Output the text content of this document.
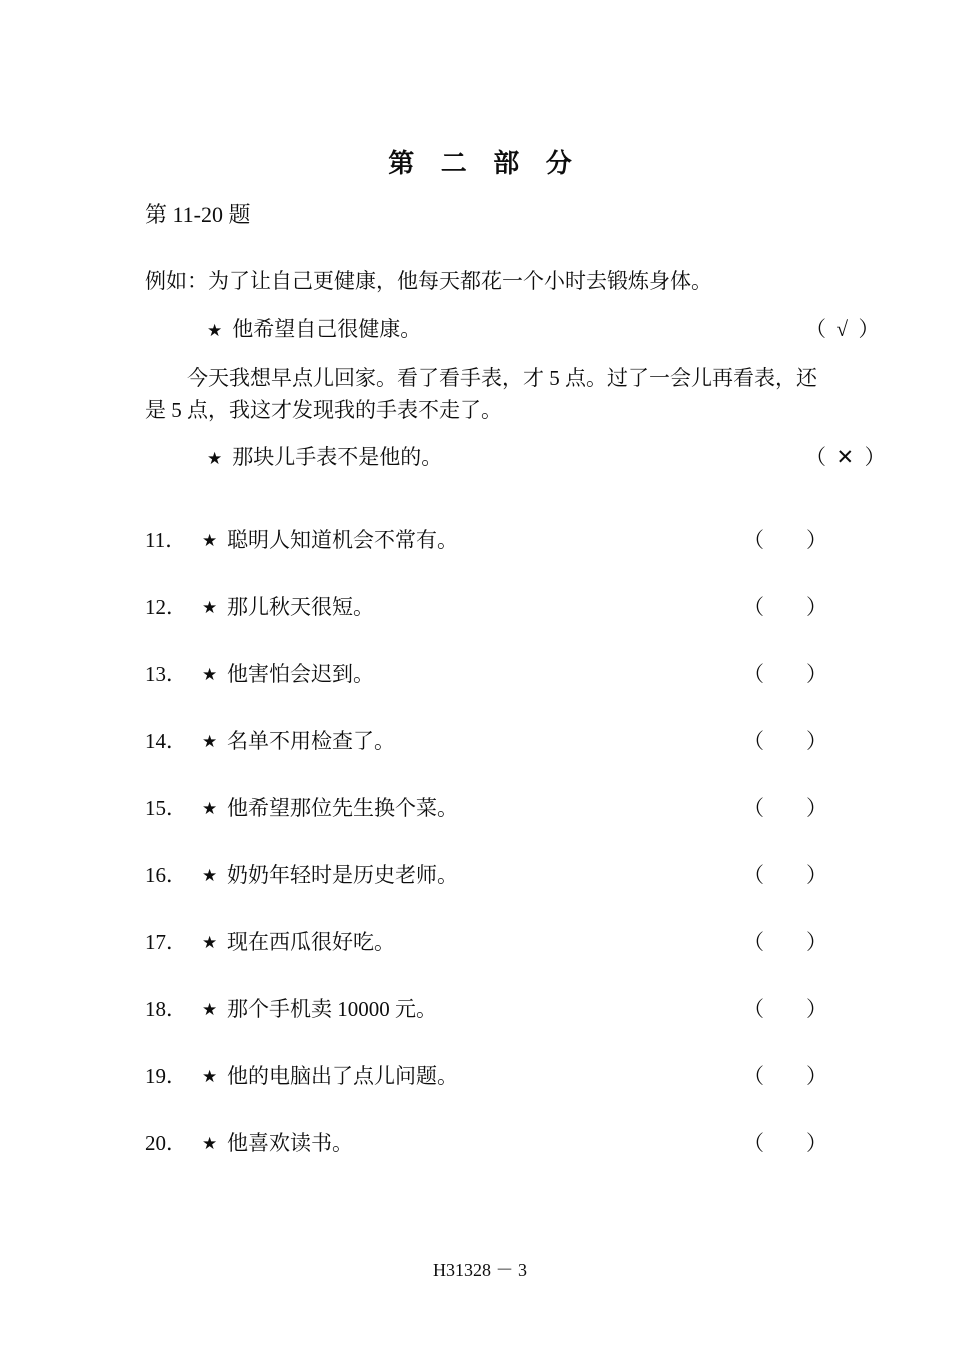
第 二 部 分
第 11-20 题
例如：为了让自己更健康，他每天都花一个小时去锻炼身体。
★ 他希望自己很健康。	（  √  ）
今天我想早点儿回家。看了看手表，才 5 点。过了一会儿再看表，还是 5 点，我这才发现我的手表不走了。
★ 那块儿手表不是他的。	（  ✕  ）
11． ★ 聪明人知道机会不常有。	（　　）
12． ★ 那儿秋天很短。	（　　）
13． ★ 他害怕会迟到。	（　　）
14． ★ 名单不用检查了。	（　　）
15． ★ 他希望那位先生换个菜。	（　　）
16． ★ 奶奶年轻时是历史老师。	（　　）
17． ★ 现在西瓜很好吃。	（　　）
18． ★ 那个手机卖 10000 元。	（　　）
19． ★ 他的电脑出了点儿问题。	（　　）
20． ★ 他喜欢读书。	（　　）
H31328 － 3
